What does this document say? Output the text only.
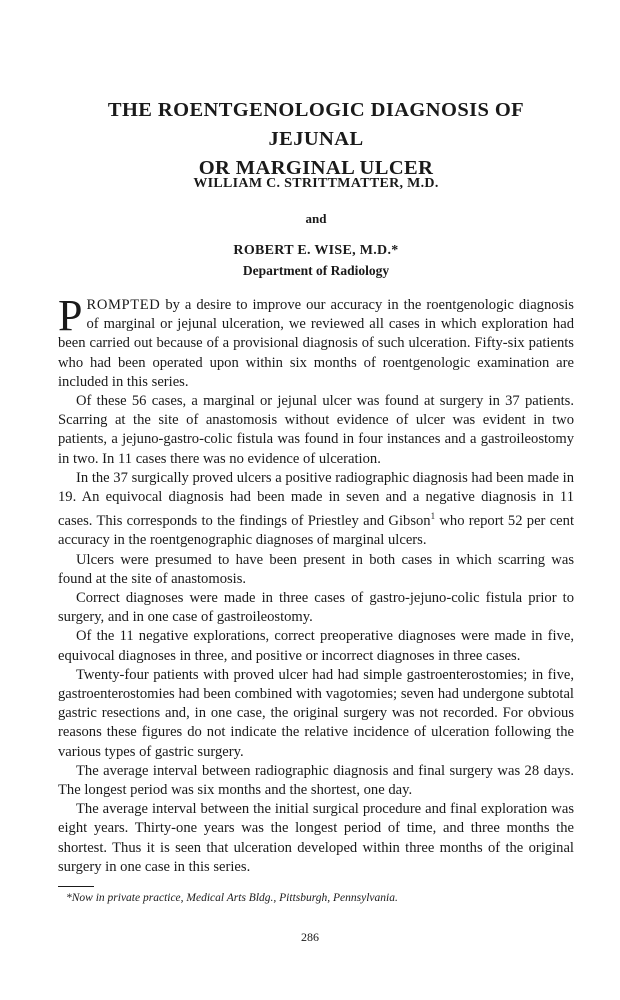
THE ROENTGENOLOGIC DIAGNOSIS OF JEJUNAL
OR MARGINAL ULCER

WILLIAM C. STRITTMATTER, M.D.

and

ROBERT E. WISE, M.D.*

Department of Radiology

PROMPTED by a desire to improve our accuracy in the roentgenologic diagnosis of marginal or jejunal ulceration, we reviewed all cases in which exploration had been carried out because of a provisional diagnosis of such ulceration. Fifty-six patients who had been operated upon within six months of roentgenologic examination are included in this series.

Of these 56 cases, a marginal or jejunal ulcer was found at surgery in 37 patients. Scarring at the site of anastomosis without evidence of ulcer was evident in two patients, a jejuno-gastro-colic fistula was found in four instances and a gastroileostomy in two. In 11 cases there was no evidence of ulceration.

In the 37 surgically proved ulcers a positive radiographic diagnosis had been made in 19. An equivocal diagnosis had been made in seven and a negative diagnosis in 11 cases. This corresponds to the findings of Priestley and Gibson$^1$ who report 52 per cent accuracy in the roentgenographic diagnoses of marginal ulcers.

Ulcers were presumed to have been present in both cases in which scarring was found at the site of anastomosis.

Correct diagnoses were made in three cases of gastro-jejuno-colic fistula prior to surgery, and in one case of gastroileostomy.

Of the 11 negative explorations, correct preoperative diagnoses were made in five, equivocal diagnoses in three, and positive or incorrect diagnoses in three cases.

Twenty-four patients with proved ulcer had had simple gastroenterostomies; in five, gastroenterostomies had been combined with vagotomies; seven had undergone subtotal gastric resections and, in one case, the original surgery was not recorded. For obvious reasons these figures do not indicate the relative incidence of ulceration following the various types of gastric surgery.

The average interval between radiographic diagnosis and final surgery was 28 days. The longest period was six months and the shortest, one day.

The average interval between the initial surgical procedure and final exploration was eight years. Thirty-one years was the longest period of time, and three months the shortest. Thus it is seen that ulceration developed within three months of the original surgery in one case in this series.

*Now in private practice, Medical Arts Bldg., Pittsburgh, Pennsylvania.

286
